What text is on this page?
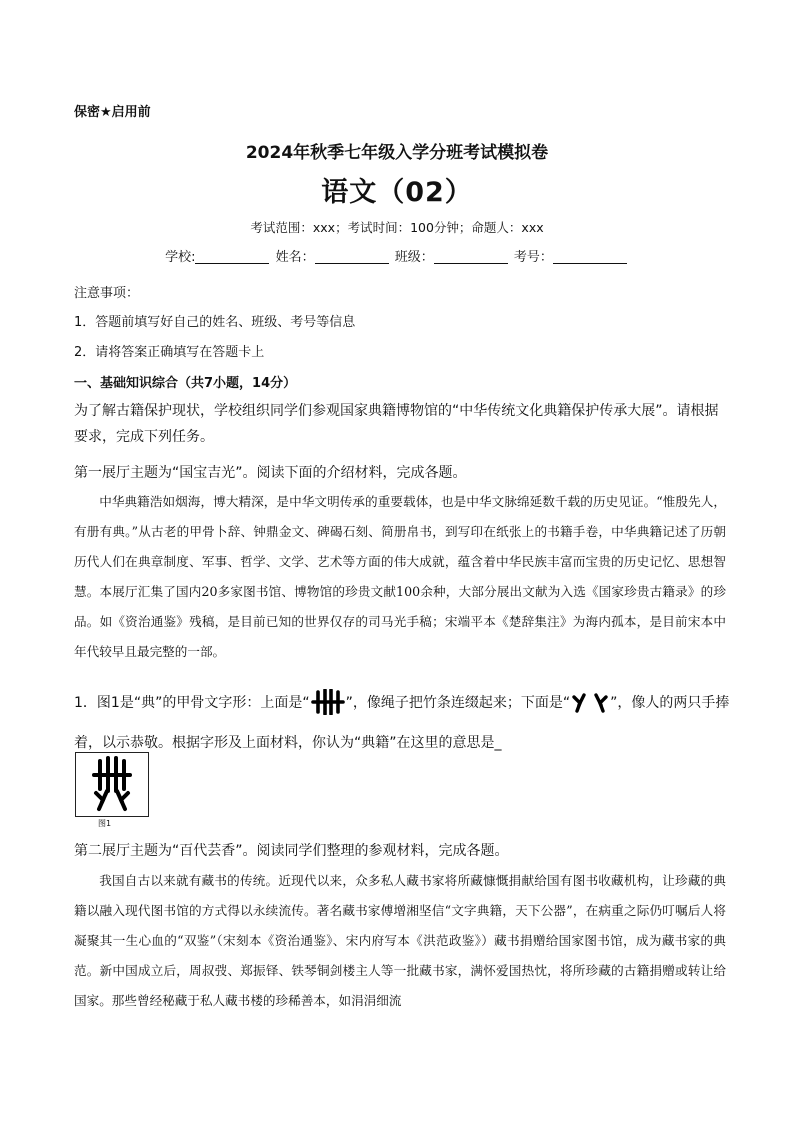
保密★启用前
2024年秋季七年级入学分班考试模拟卷
语文（02）
考试范围：xxx；考试时间：100分钟；命题人：xxx
学校:	姓名：	班级：	考号：
注意事项：
1．答题前填写好自己的姓名、班级、考号等信息
2．请将答案正确填写在答题卡上
一、基础知识综合（共7小题，14分）
为了解古籍保护现状，学校组织同学们参观国家典籍博物馆的“中华传统文化典籍保护传承大展”。请根据要求，完成下列任务。
第一展厅主题为“国宝吉光”。阅读下面的介绍材料，完成各题。
中华典籍浩如烟海，博大精深，是中华文明传承的重要载体，也是中华文脉绵延数千载的历史见证。“惟殷先人，有册有典。”从古老的甲骨卜辞、钟鼎金文、碑碣石刻、简册帛书，到写印在纸张上的书籍手卷，中华典籍记述了历朝历代人们在典章制度、军事、哲学、文学、艺术等方面的伟大成就，蕴含着中华民族丰富而宝贵的历史记忆、思想智慧。本展厅汇集了国内20多家图书馆、博物馆的珍贵文献100余种，大部分展出文献为入选《国家珍贵古籍录》的珍品。如《资治通鉴》残稿，是目前已知的世界仅存的司马光手稿；宋端平本《楚辞集注》为海内孤本，是目前宋本中年代较早且最完整的一部。
1．图1是“典”的甲骨文字形：上面是“	”，像绳子把竹条连缀起来；下面是“	”，像人的两只手捧着，以示恭敬。根据字形及上面材料，你认为“典籍”在这里的意思是_
图1
第二展厅主题为“百代芸香”。阅读同学们整理的参观材料，完成各题。
我国自古以来就有藏书的传统。近现代以来，众多私人藏书家将所藏慷慨捐献给国有图书收藏机构，让珍藏的典籍以融入现代图书馆的方式得以永续流传。著名藏书家傅增湘坚信“文字典籍，天下公器”，在病重之际仍叮嘱后人将凝聚其一生心血的“双鉴”（宋刻本《资治通鉴》、宋内府写本《洪范政鉴》）藏书捐赠给国家图书馆，成为藏书家的典范。新中国成立后，周叔弢、郑振铎、铁琴铜剑楼主人等一批藏书家，满怀爱国热忱，将所珍藏的古籍捐赠或转让给国家。那些曾经秘藏于私人藏书楼的珍稀善本，如涓涓细流
